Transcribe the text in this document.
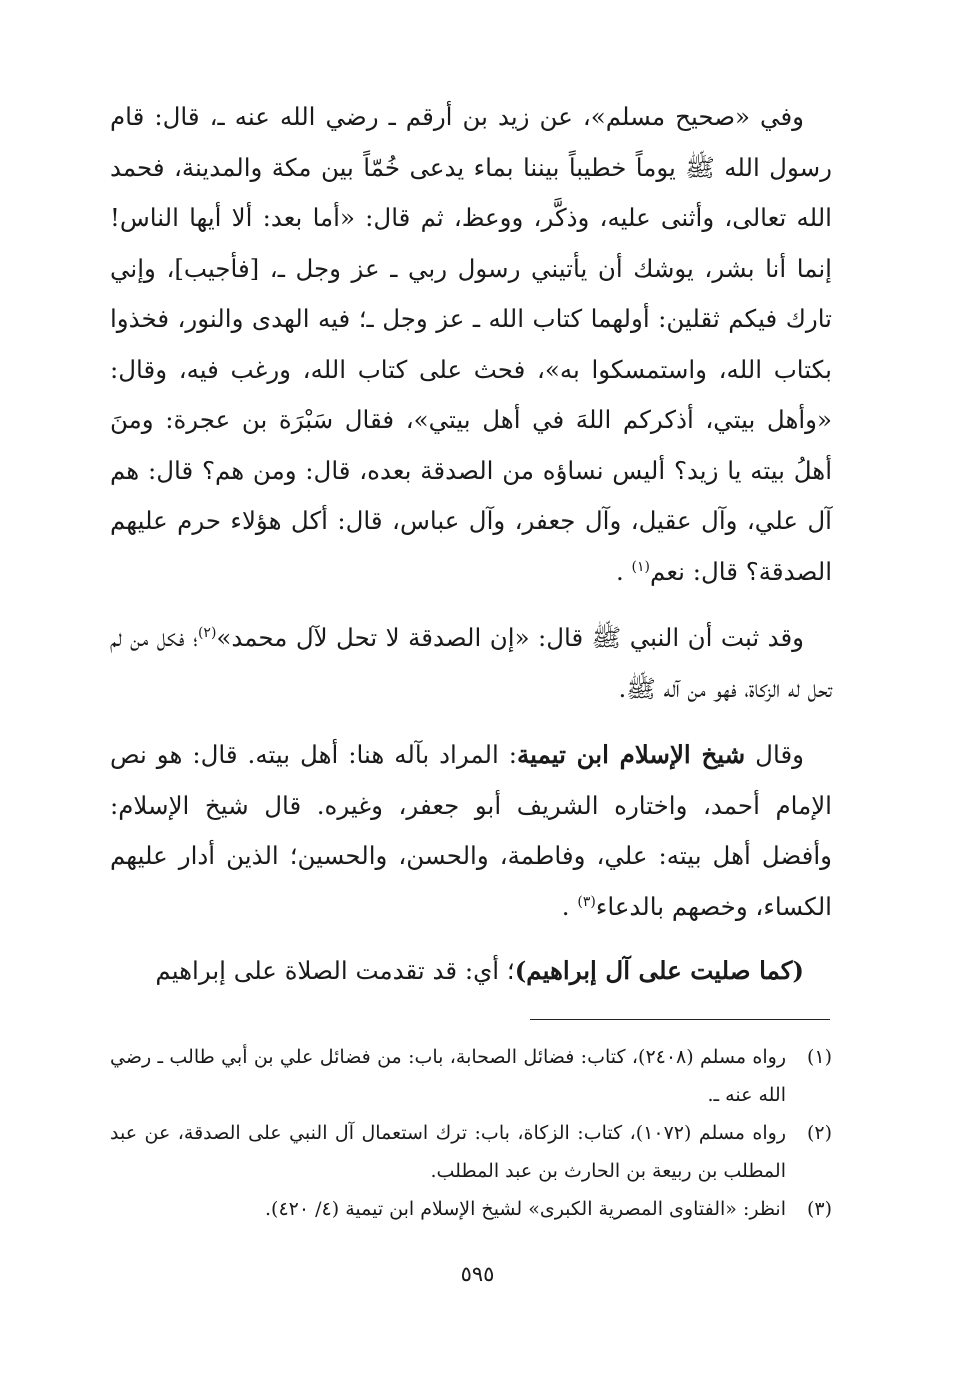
وفي «صحيح مسلم»، عن زيد بن أرقم ـ رضي الله عنه ـ، قال: قام رسول الله ﷺ يوماً خطيباً بيننا بماء يدعى خُمّاً بين مكة والمدينة، فحمد الله تعالى، وأثنى عليه، وذكَّر، ووعظ، ثم قال: «أما بعد: ألا أيها الناس! إنما أنا بشر، يوشك أن يأتيني رسول ربي ـ عز وجل ـ، [فأجيب]، وإني تارك فيكم ثقلين: أولهما كتاب الله ـ عز وجل ـ؛ فيه الهدى والنور، فخذوا بكتاب الله، واستمسكوا به»، فحث على كتاب الله، ورغب فيه، وقال: «وأهل بيتي، أذكركم اللهَ في أهل بيتي»، فقال سَبْرَة بن عجرة: ومنَ أهلُ بيته يا زيد؟ أليس نساؤه من الصدقة بعده، قال: ومن هم؟ قال: هم آل علي، وآل عقيل، وآل جعفر، وآل عباس، قال: أكل هؤلاء حرم عليهم الصدقة؟ قال: نعم$^{(١)}$ .

وقد ثبت أن النبي ﷺ قال: «إن الصدقة لا تحل لآل محمد»$^{(٢)}$؛ فكل من لم تحل له الزكاة، فهو من آله ﷺ.

وقال شيخ الإسلام ابن تيمية: المراد بآله هنا: أهل بيته. قال: هو نص الإمام أحمد، واختاره الشريف أبو جعفر، وغيره. قال شيخ الإسلام: وأفضل أهل بيته: علي، وفاطمة، والحسن، والحسين؛ الذين أدار عليهم الكساء، وخصهم بالدعاء$^{(٣)}$ .

(كما صليت على آل إبراهيم)؛ أي: قد تقدمت الصلاة على إبراهيم

(١)
رواه مسلم (٢٤٠٨)، كتاب: فضائل الصحابة، باب: من فضائل علي بن أبي طالب ـ رضي الله عنه ـ.
(٢)
رواه مسلم (١٠٧٢)، كتاب: الزكاة، باب: ترك استعمال آل النبي على الصدقة، عن عبد المطلب بن ربيعة بن الحارث بن عبد المطلب.
(٣)
انظر: «الفتاوى المصرية الكبرى» لشيخ الإسلام ابن تيمية (٤/ ٤٢٠).
٥٩٥
